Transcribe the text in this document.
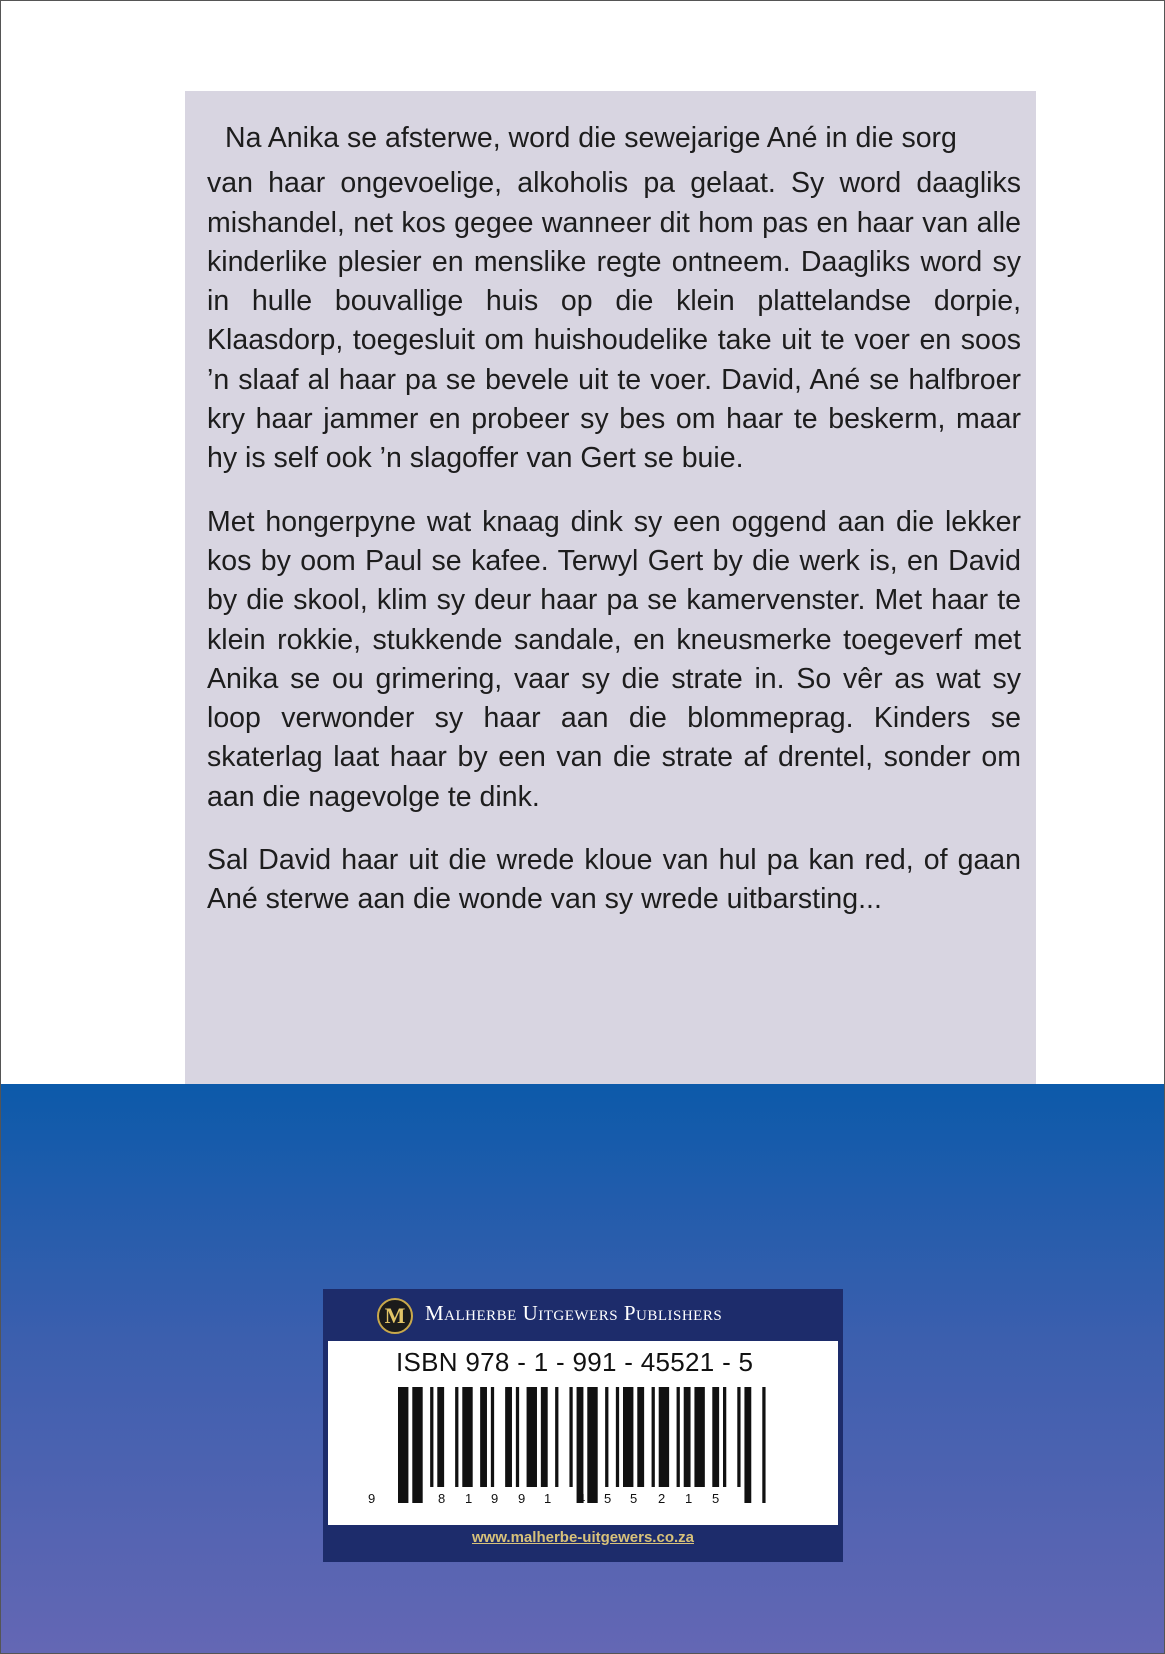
Na Anika se afsterwe, word die sewejarige Ané in die sorg
van haar ongevoelige, alkoholis pa gelaat. Sy word daagliks mishandel, net kos gegee wanneer dit hom pas en haar van alle kinderlike plesier en menslike regte ontneem. Daagliks word sy in hulle bouvallige huis op die klein plattelandse dorpie, Klaasdorp, toegesluit om huishoudelike take uit te voer en soos ’n slaaf al haar pa se bevele uit te voer. David, Ané se halfbroer kry haar jammer en probeer sy bes om haar te beskerm, maar hy is self ook ’n slagoffer van Gert se buie.

Met hongerpyne wat knaag dink sy een oggend aan die lekker kos by oom Paul se kafee. Terwyl Gert by die werk is, en David by die skool, klim sy deur haar pa se kamervenster. Met haar te klein rokkie, stukkende sandale, en kneusmerke toegeverf met Anika se ou grimering, vaar sy die strate in. So vêr as wat sy loop verwonder sy haar aan die blommeprag. Kinders se skaterlag laat haar by een van die strate af drentel, sonder om aan die nagevolge te dink.

Sal David haar uit die wrede kloue van hul pa kan red, of gaan Ané sterwe aan die wonde van sy wrede uitbarsting...

M Malherbe Uitgewers Publishers
ISBN 978 - 1 - 991 - 45521 - 5
9	7 8 1 9 9 1 4 5 5 2 1 5
www.malherbe-uitgewers.co.za
